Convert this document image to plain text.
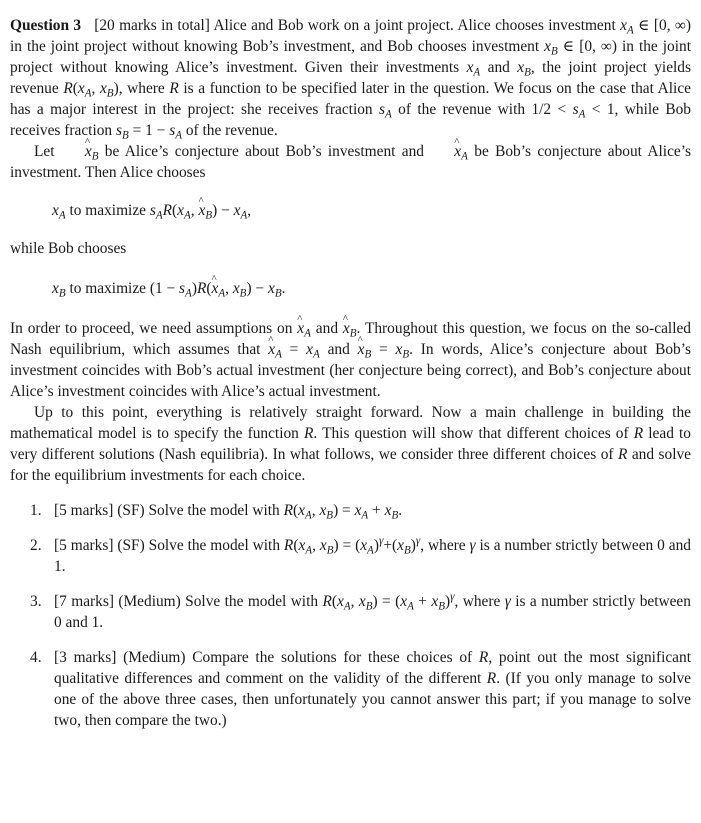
Question 3 [20 marks in total] Alice and Bob work on a joint project. Alice chooses investment $x_A$ ∈ [0, ∞) in the joint project without knowing Bob’s investment, and Bob chooses investment $x_B$ ∈ [0, ∞) in the joint project without knowing Alice’s investment. Given their investments $x_A$ and $x_B$, the joint project yields revenue $R(x_A$, $x_B$), where R is a function to be specified later in the question. We focus on the case that Alice has a major interest in the project: she receives fraction $s_A$ of the revenue with $1/2 < s_A < 1$, while Bob receives fraction $s_B = 1 - s_A$ of the revenue.

Let ^ $x_B$ be Alice’s conjecture about Bob’s investment and ^ $x_A$ be Bob’s conjecture about Alice’s investment. Then Alice chooses

$x_A$ to maximize $s_AR(x_A$, ^ $x_B) - x_A$,

while Bob chooses

$x_B$ to maximize $(1 - s_A)R(\^{}$ $x_A$, $x_B) - x_B$.

In order to proceed, we need assumptions on ^ $x_A$ and ^ $x_B$. Throughout this question, we focus on the so-called Nash equilibrium, which assumes that ^ $x_A = x_A$ and ^ $x_B = x_B$. In words, Alice’s conjecture about Bob’s investment coincides with Bob’s actual investment (her conjecture being correct), and Bob’s conjecture about Alice’s investment coincides with Alice’s actual investment.

Up to this point, everything is relatively straight forward. Now a main challenge in building the mathematical model is to specify the function R. This question will show that different choices of R lead to very different solutions (Nash equilibria). In what follows, we consider three different choices of R and solve for the equilibrium investments for each choice.

1. [5 marks] (SF) Solve the model with $R(x_A$, $x_B) = x_A + x_B$.
2. [5 marks] (SF) Solve the model with $R(x_A$, $x_B) = (x_A)^\gamma+(x_B)^\gamma$, where γ is a number strictly between 0 and 1.
3. [7 marks] (Medium) Solve the model with $R(x_A$, $x_B) = (x_A + x_B)^\gamma$, where γ is a number strictly between 0 and 1.
4. [3 marks] (Medium) Compare the solutions for these choices of R, point out the most significant qualitative differences and comment on the validity of the different R. (If you only manage to solve one of the above three cases, then unfortunately you cannot answer this part; if you manage to solve two, then compare the two.)
